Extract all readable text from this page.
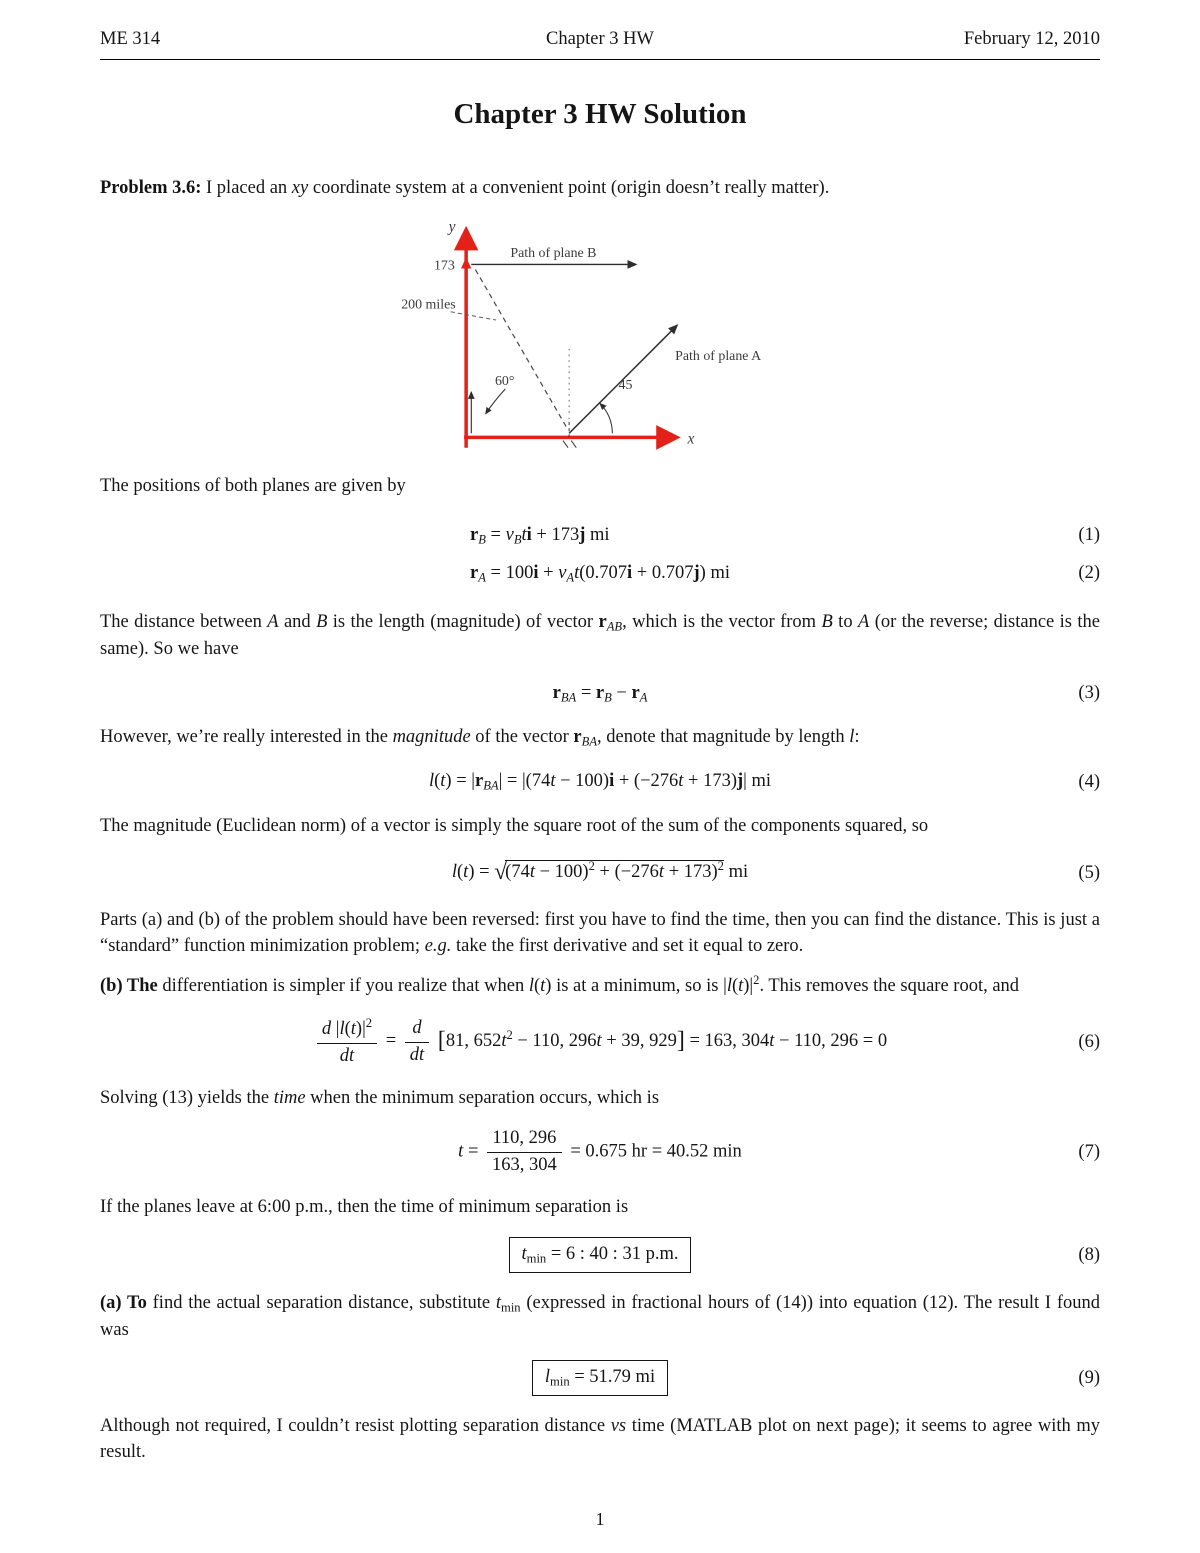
ME 314	Chapter 3 HW	February 12, 2010
Chapter 3 HW Solution

Problem 3.6: I placed an xy coordinate system at a convenient point (origin doesn’t really matter).

y
x
173
200 miles
Path of plane B
Path of plane A
60°	45

The positions of both planes are given by

rB = vBti + 173j mi
rA = 100i + vAt(0.707i + 0.707j) mi
(1)
(2)

The distance between A and B is the length (magnitude) of vector rAB, which is the vector from B to A (or the reverse; distance is the same). So we have

rBA = rB − rA	(3)

However, we’re really interested in the magnitude of the vector rBA, denote that magnitude by length l:

l(t) = |rBA| = |(74t − 100)i + (−276t + 173)j| mi	(4)

The magnitude (Euclidean norm) of a vector is simply the square root of the sum of the components squared, so

$l(t) = √(74t - 100)^2 + (-276t + 173)^2$ mi	(5)

Parts (a) and (b) of the problem should have been reversed: first you have to find the time, then you can find the distance. This is just a “standard” function minimization problem; e.g. take the first derivative and set it equal to zero.

(b) The differentiation is simpler if you realize that when l(t) is at a minimum, so is $|l(t)|^2$. This removes the square root, and

$\frac{d |l(t)|^2}{dt} = \frac{d}{dt} [81$, $652t^2 - 110$, 296t + 39, 929] = 163, 304t − 110, 296 = 0	(6)

Solving (13) yields the time when the minimum separation occurs, which is

$t = \frac{110, 296}{163, 304} = 0.675$ hr = 40.52 min	(7)

If the planes leave at 6:00 p.m., then the time of minimum separation is

tmin = 6 : 40 : 31 p.m.	(8)

(a) To find the actual separation distance, substitute tmin (expressed in fractional hours of (14)) into equation (12). The result I found was

lmin = 51.79 mi	(9)

Although not required, I couldn’t resist plotting separation distance vs time (MATLAB plot on next page); it seems to agree with my result.

1
